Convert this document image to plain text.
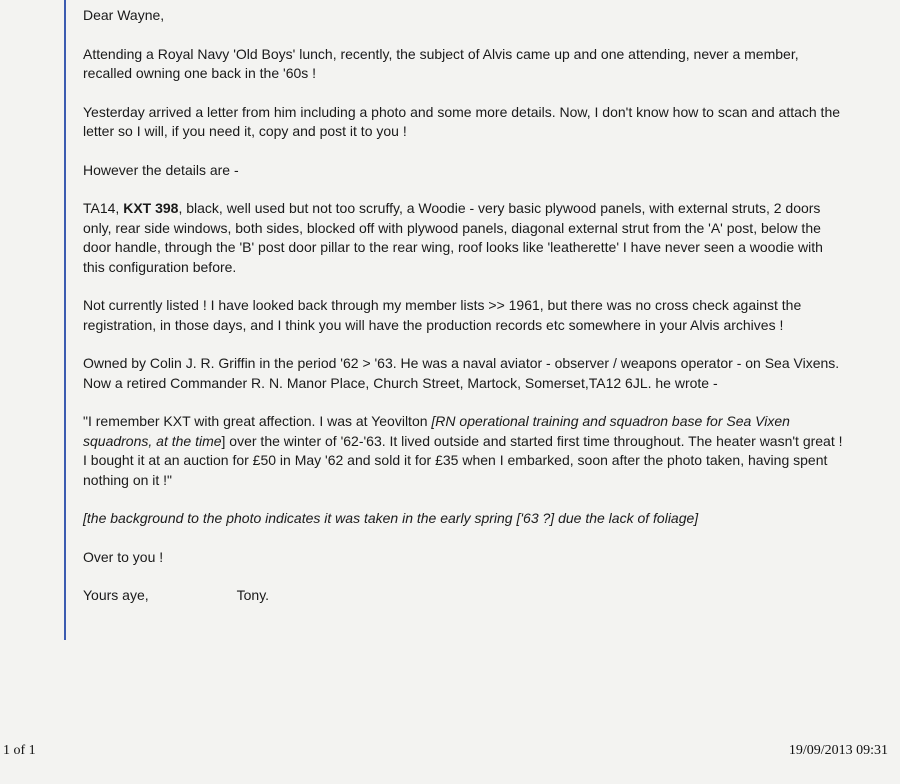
Dear Wayne,

Attending a Royal Navy 'Old Boys' lunch, recently, the subject of Alvis came up and one attending, never a member, recalled owning one back in the '60s !

Yesterday arrived a letter from him including a photo and some more details. Now, I don't know how to scan and attach the letter so I will, if you need it, copy and post it to you !

However the details are -

TA14, KXT 398, black, well used but not too scruffy, a Woodie - very basic plywood panels, with external struts, 2 doors only, rear side windows, both sides, blocked off with plywood panels, diagonal external strut from the 'A' post, below the door handle, through the 'B' post door pillar to the rear wing, roof looks like 'leatherette' I have never seen a woodie with this configuration before.

Not currently listed ! I have looked back through my member lists >> 1961, but there was no cross check against the registration, in those days, and I think you will have the production records etc somewhere in your Alvis archives !

Owned by Colin J. R. Griffin in the period '62 > '63. He was a naval aviator - observer / weapons operator - on Sea Vixens. Now a retired Commander R. N. Manor Place, Church Street, Martock, Somerset,TA12 6JL. he wrote -

"I remember KXT with great affection. I was at Yeovilton [RN operational training and squadron base for Sea Vixen squadrons, at the time] over the winter of '62-'63. It lived outside and started first time throughout. The heater wasn't great ! I bought it at an auction for £50 in May '62 and sold it for £35 when I embarked, soon after the photo taken, having spent nothing on it !"

[the background to the photo indicates it was taken in the early spring ['63 ?] due the lack of foliage]

Over to you !

Yours aye,	Tony.
1 of 1	19/09/2013 09:31
